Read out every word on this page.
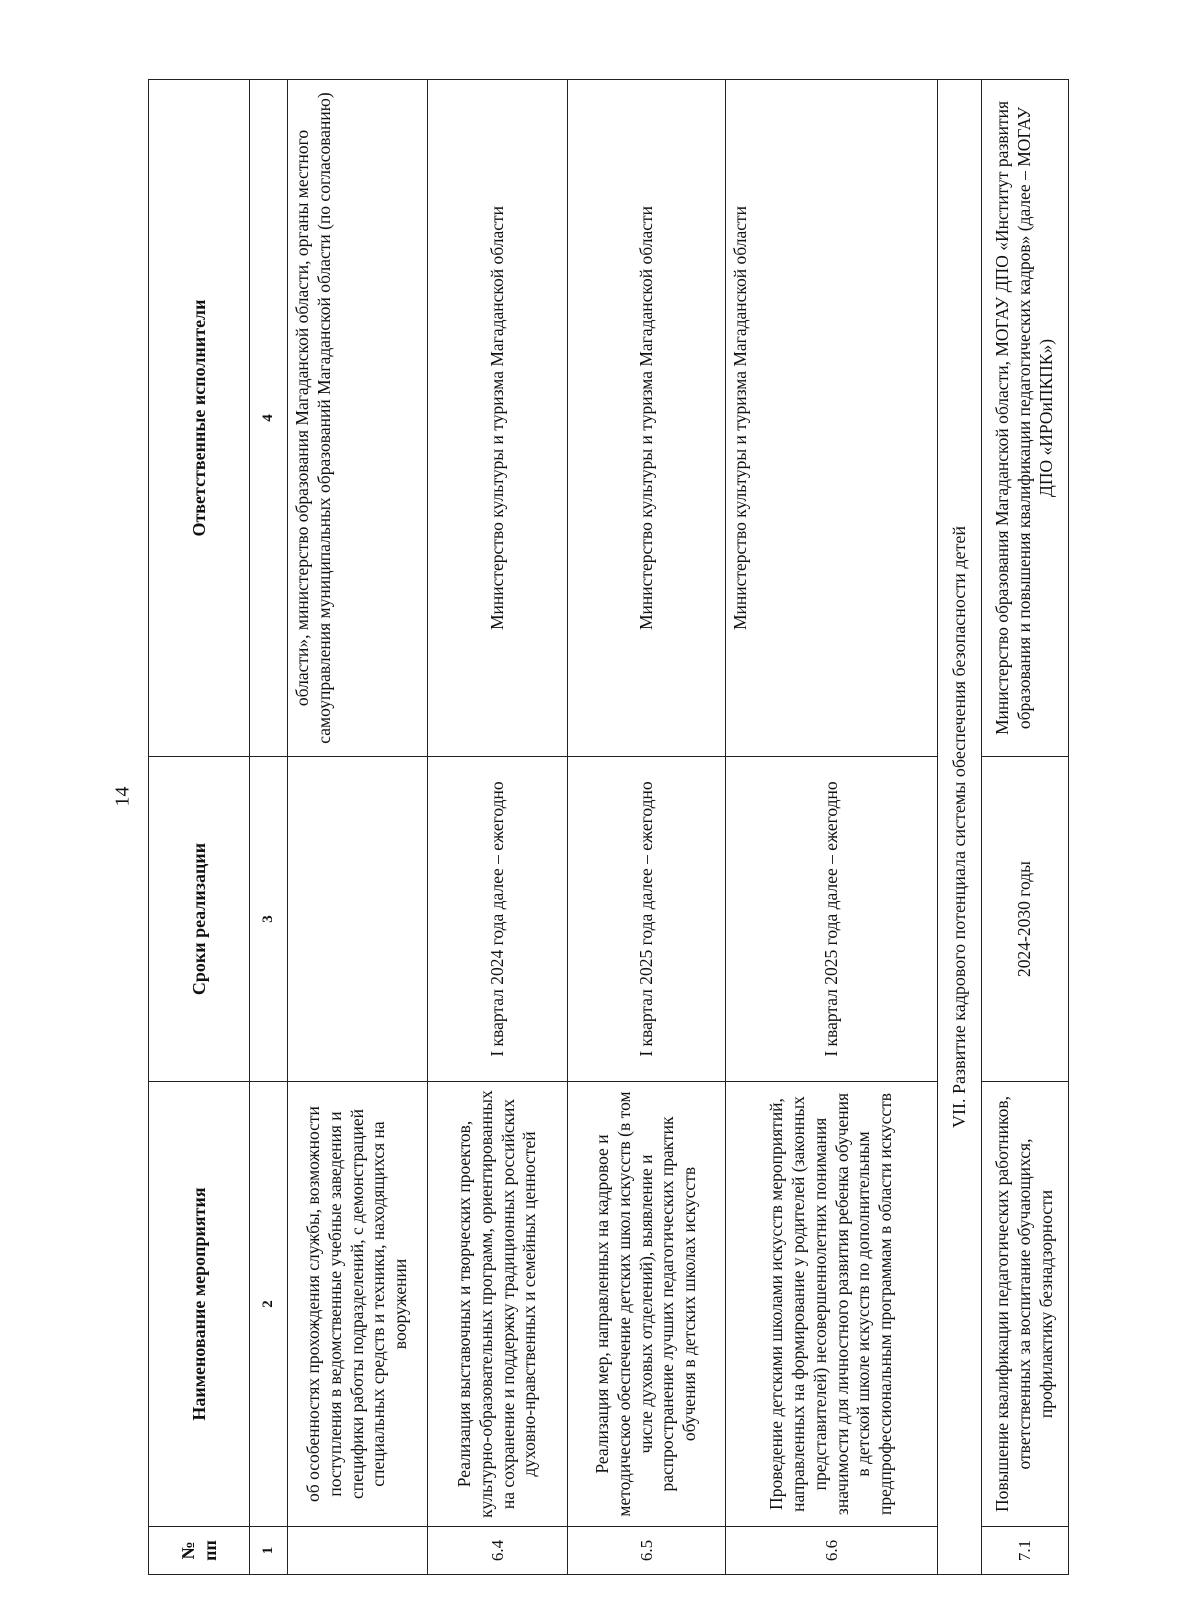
14
№ пп	Наименование мероприятия	Сроки реализации	Ответственные исполнители
1	2	3	4
	об особенностях прохождения службы, возможности поступления в ведомственные учебные заведения и специфики работы подразделений, с демонстрацией специальных средств и техники, находящихся на вооружении		области», министерство образования Магаданской области, органы местного самоуправления муниципальных образований Магаданской области (по согласованию)
6.4	Реализация выставочных и творческих проектов, культурно-образовательных программ, ориентированных на сохранение и поддержку традиционных российских духовно-нравственных и семейных ценностей	I квартал 2024 года далее – ежегодно	Министерство культуры и туризма Магаданской области
6.5	Реализация мер, направленных на кадровое и методическое обеспечение детских школ искусств (в том числе духовых отделений), выявление и распространение лучших педагогических практик обучения в детских школах искусств	I квартал 2025 года далее – ежегодно	Министерство культуры и туризма Магаданской области
6.6	Проведение детскими школами искусств мероприятий, направленных на формирование у родителей (законных представителей) несовершеннолетних понимания значимости для личностного развития ребенка обучения в детской школе искусств по дополнительным предпрофессиональным программам в области искусств	I квартал 2025 года далее – ежегодно	Министерство культуры и туризма Магаданской области
VII. Развитие кадрового потенциала системы обеспечения безопасности детей			
7.1	Повышение квалификации педагогических работников, ответственных за воспитание обучающихся, профилактику безнадзорности	2024-2030 годы	Министерство образования Магаданской области, МОГАУ ДПО «Институт развития образования и повышения квалификации педагогических кадров» (далее – МОГАУ ДПО «ИРОиПКПК»)
